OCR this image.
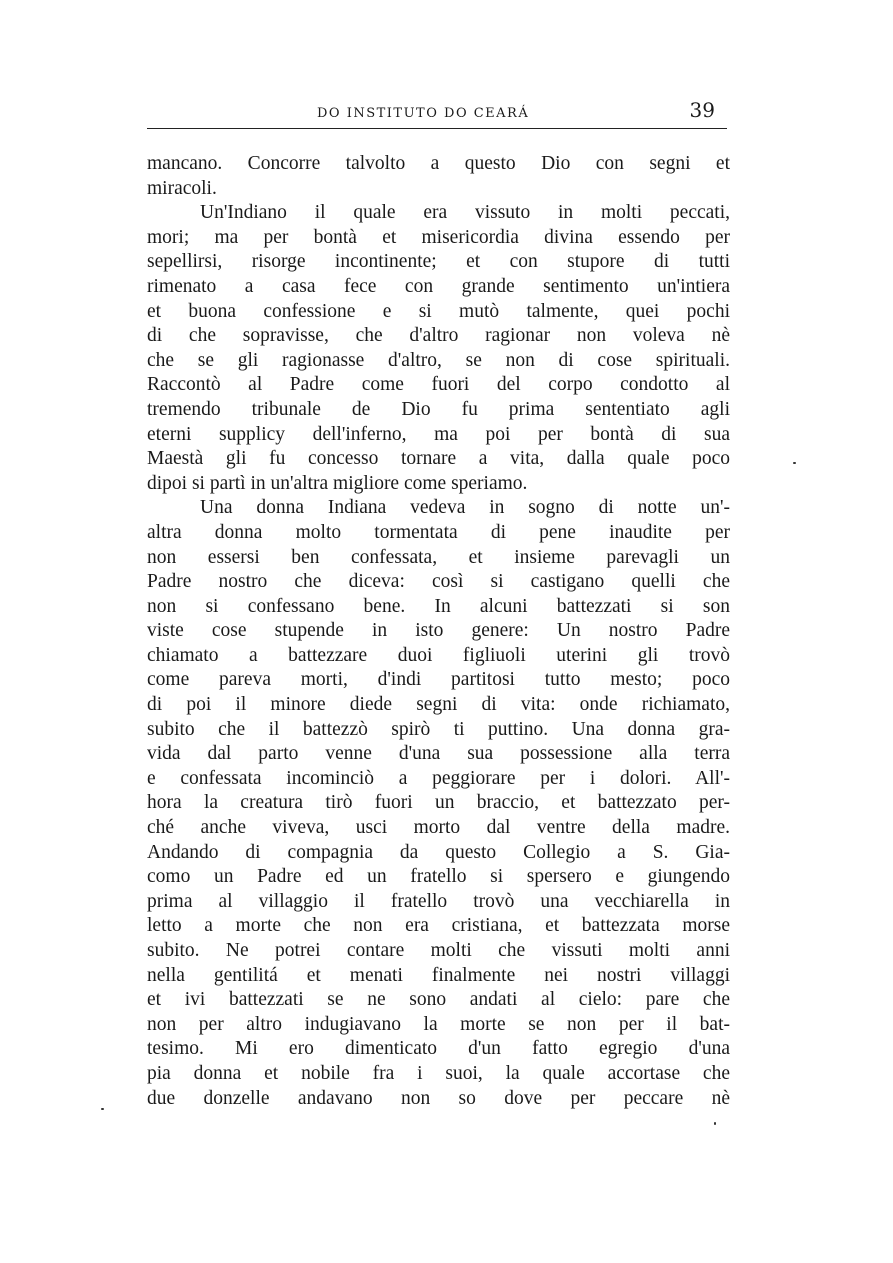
DO INSTITUTO DO CEARÁ	39
mancano. Concorre talvolto a questo Dio con segni et
miracoli.
Un'Indiano il quale era vissuto in molti peccati,
mori; ma per bontà et misericordia divina essendo per
sepellirsi, risorge incontinente; et con stupore di tutti
rimenato a casa fece con grande sentimento un'intiera
et buona confessione e si mutò talmente, quei pochi
di che sopravisse, che d'altro ragionar non voleva nè
che se gli ragionasse d'altro, se non di cose spirituali.
Raccontò al Padre come fuori del corpo condotto al
tremendo tribunale de Dio fu prima sententiato agli
eterni supplicy dell'inferno, ma poi per bontà di sua
Maestà gli fu concesso tornare a vita, dalla quale poco
dipoi si partì in un'altra migliore come speriamo.
Una donna Indiana vedeva in sogno di notte un'-
altra donna molto tormentata di pene inaudite per
non essersi ben confessata, et insieme parevagli un
Padre nostro che diceva: così si castigano quelli che
non si confessano bene. In alcuni battezzati si son
viste cose stupende in isto genere: Un nostro Padre
chiamato a battezzare duoi figliuoli uterini gli trovò
come pareva morti, d'indi partitosi tutto mesto; poco
di poi il minore diede segni di vita: onde richiamato,
subito che il battezzò spirò ti puttino. Una donna gra-
vida dal parto venne d'una sua possessione alla terra
e confessata incominciò a peggiorare per i dolori. All'-
hora la creatura tirò fuori un braccio, et battezzato per-
ché anche viveva, usci morto dal ventre della madre.
Andando di compagnia da questo Collegio a S. Gia-
como un Padre ed un fratello si spersero e giungendo
prima al villaggio il fratello trovò una vecchiarella in
letto a morte che non era cristiana, et battezzata morse
subito. Ne potrei contare molti che vissuti molti anni
nella gentilitá et menati finalmente nei nostri villaggi
et ivi battezzati se ne sono andati al cielo: pare che
non per altro indugiavano la morte se non per il bat-
tesimo. Mi ero dimenticato d'un fatto egregio d'una
pia donna et nobile fra i suoi, la quale accortase che
due donzelle andavano non so dove per peccare nè
